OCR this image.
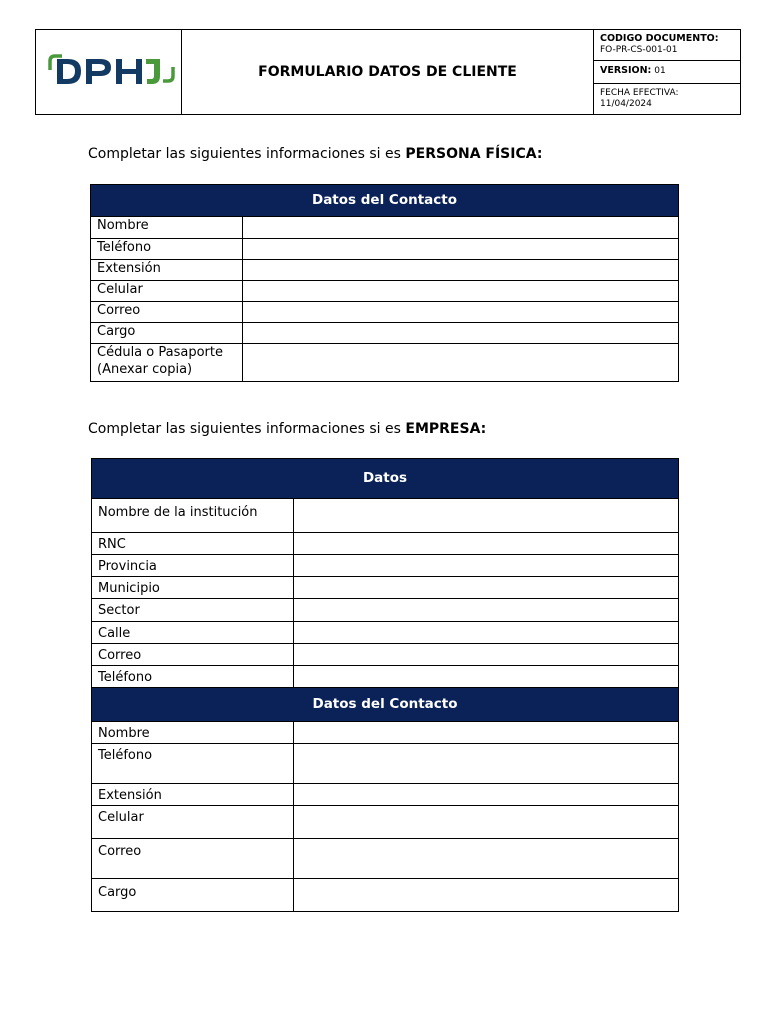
	FORMULARIO DATOS DE CLIENTE	
CODIGO DOCUMENTO:
FO-PR-CS-001-01
VERSION: 01
FECHA EFECTIVA:
11/04/2024
Completar las siguientes informaciones si es PERSONA FÍSICA:
Datos del Contacto	
Nombre	
Teléfono	
Extensión	
Celular	
Correo	
Cargo	
Cédula o Pasaporte
(Anexar copia)	
Completar las siguientes informaciones si es EMPRESA:
Datos	
Nombre de la institución	
RNC	
Provincia	
Municipio	
Sector	
Calle	
Correo	
Teléfono	
Datos del Contacto	
Nombre	
Teléfono	
Extensión	
Celular	
Correo	
Cargo	
